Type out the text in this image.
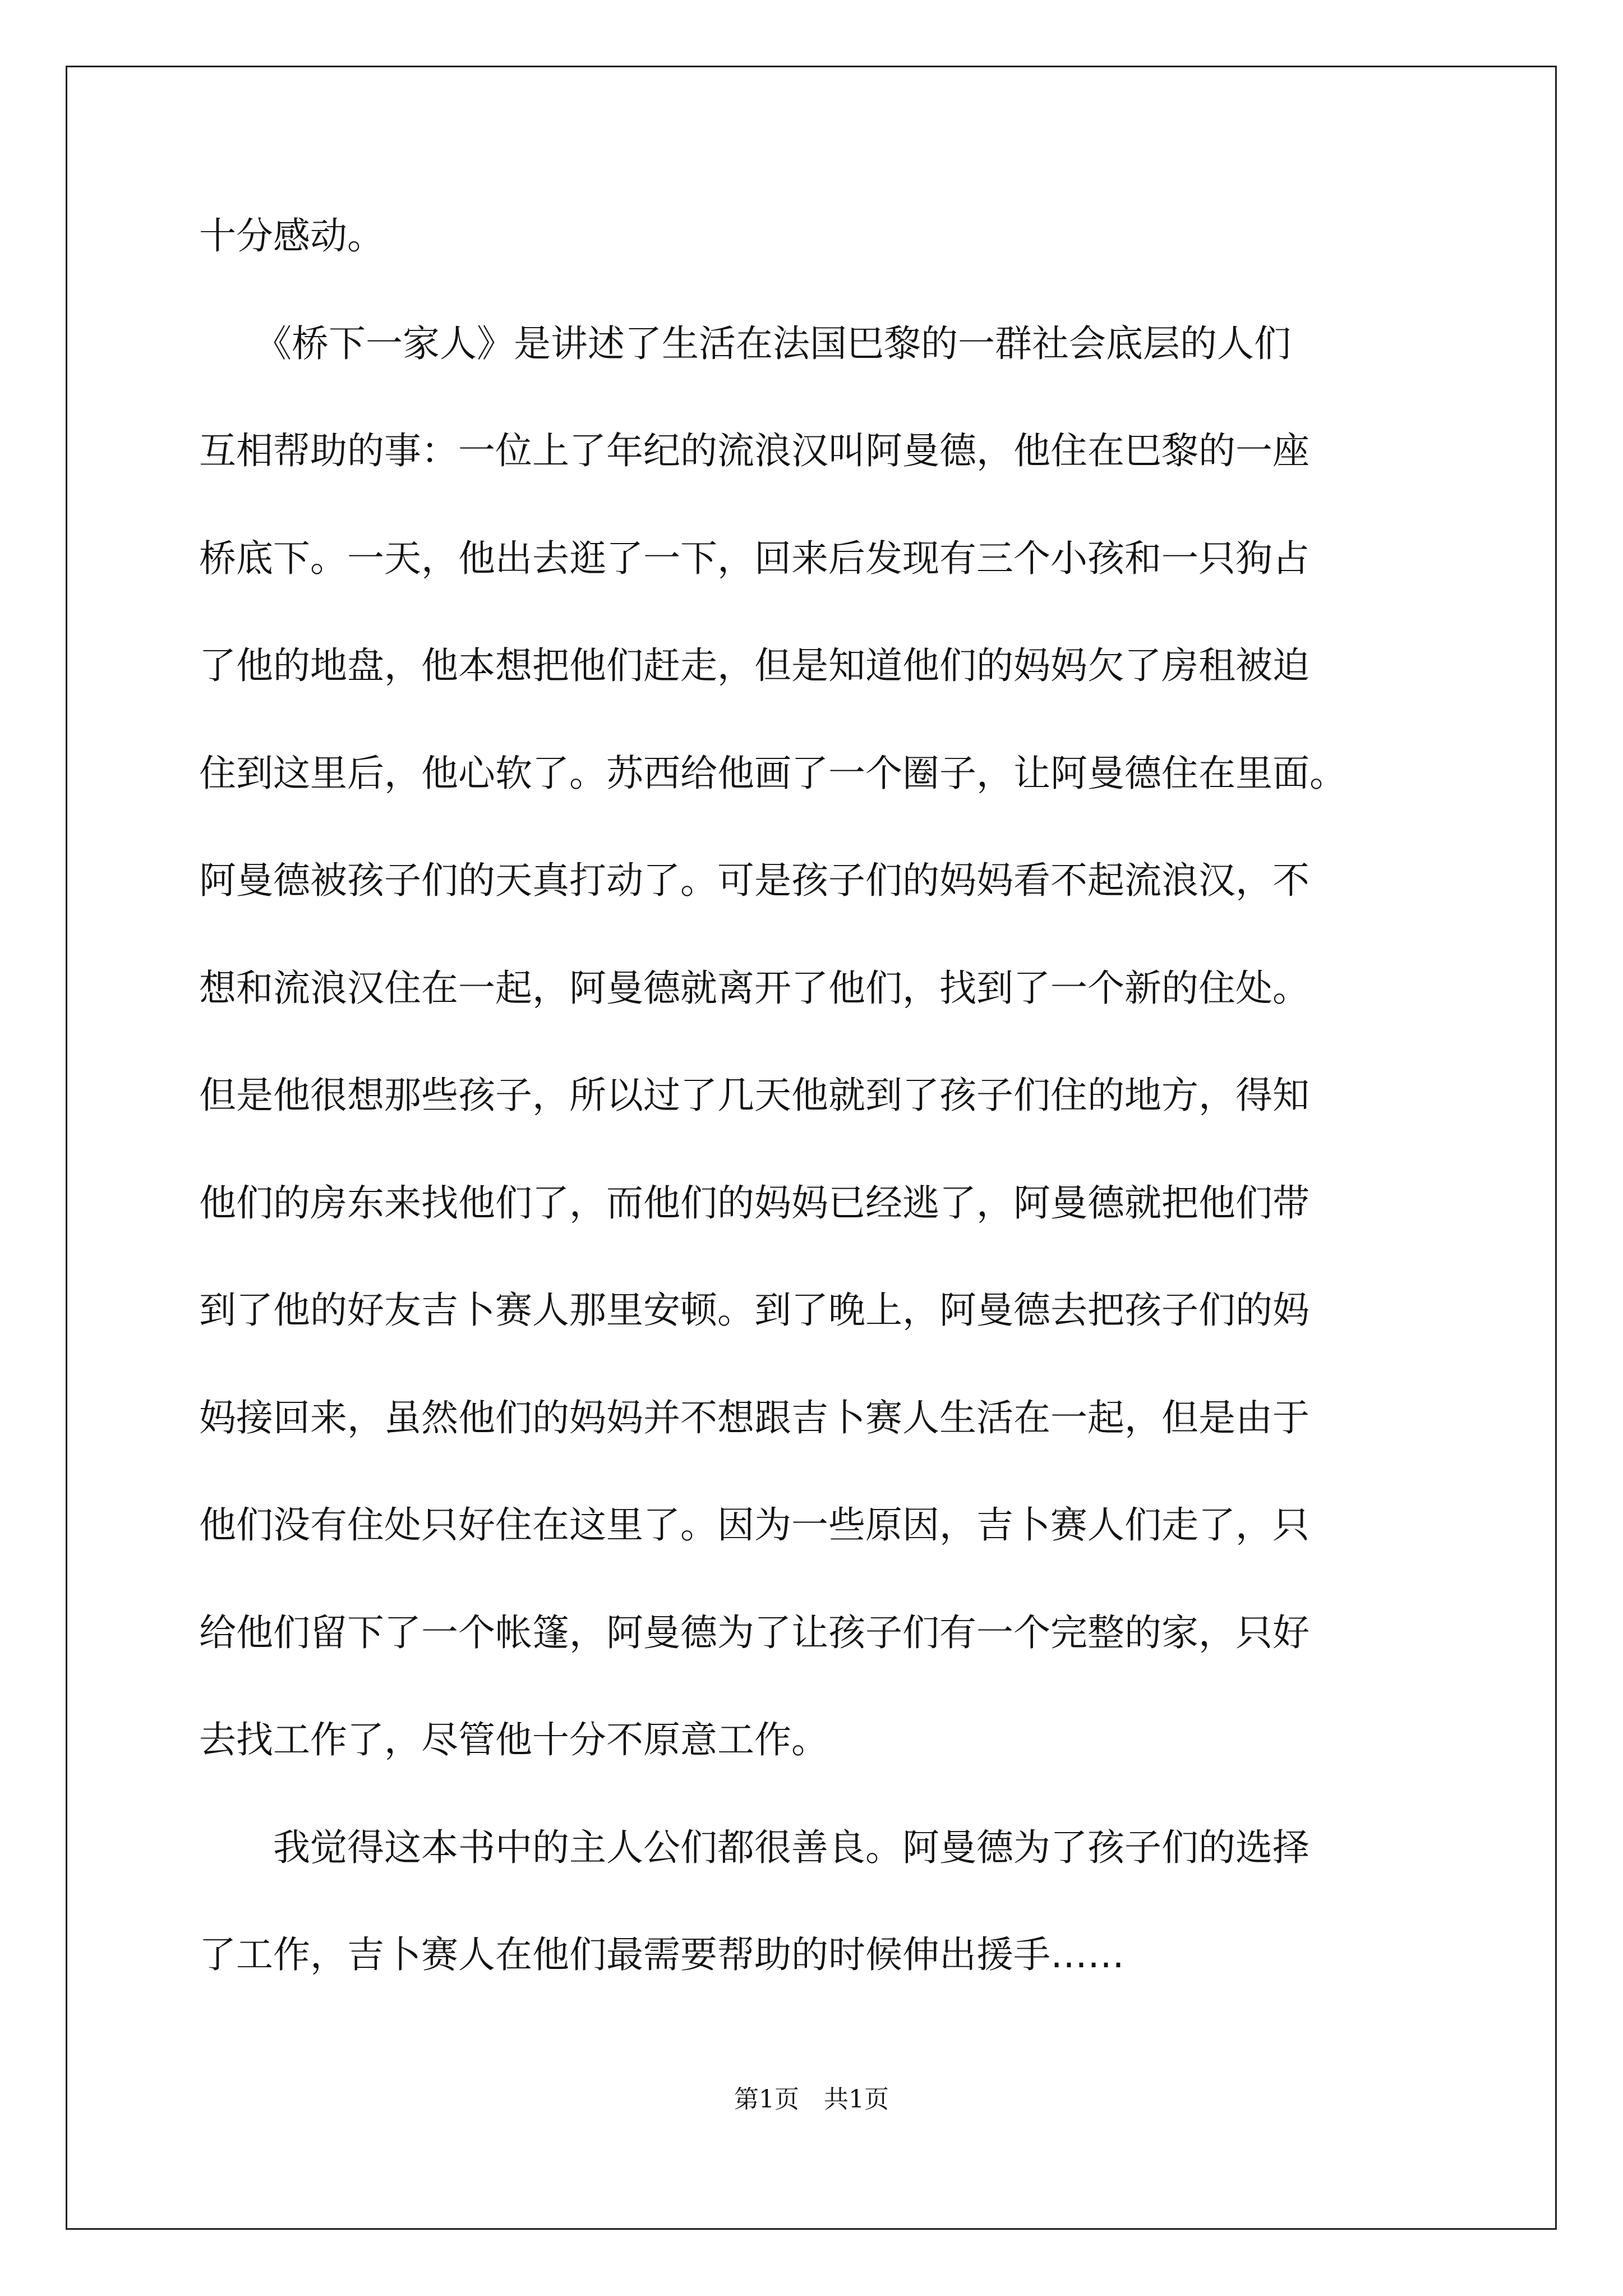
十分感动。
　　《桥下一家人》是讲述了生活在法国巴黎的一群社会底层的人们
互相帮助的事：一位上了年纪的流浪汉叫阿曼德，他住在巴黎的一座
桥底下。一天，他出去逛了一下，回来后发现有三个小孩和一只狗占
了他的地盘，他本想把他们赶走，但是知道他们的妈妈欠了房租被迫
住到这里后，他心软了。苏西给他画了一个圈子，让阿曼德住在里面。
阿曼德被孩子们的天真打动了。可是孩子们的妈妈看不起流浪汉，不
想和流浪汉住在一起，阿曼德就离开了他们，找到了一个新的住处。
但是他很想那些孩子，所以过了几天他就到了孩子们住的地方，得知
他们的房东来找他们了，而他们的妈妈已经逃了，阿曼德就把他们带
到了他的好友吉卜赛人那里安顿。到了晚上，阿曼德去把孩子们的妈
妈接回来，虽然他们的妈妈并不想跟吉卜赛人生活在一起，但是由于
他们没有住处只好住在这里了。因为一些原因，吉卜赛人们走了，只
给他们留下了一个帐篷，阿曼德为了让孩子们有一个完整的家，只好
去找工作了，尽管他十分不原意工作。
　　我觉得这本书中的主人公们都很善良。阿曼德为了孩子们的选择
了工作，吉卜赛人在他们最需要帮助的时候伸出援手……
第1页 共1页
